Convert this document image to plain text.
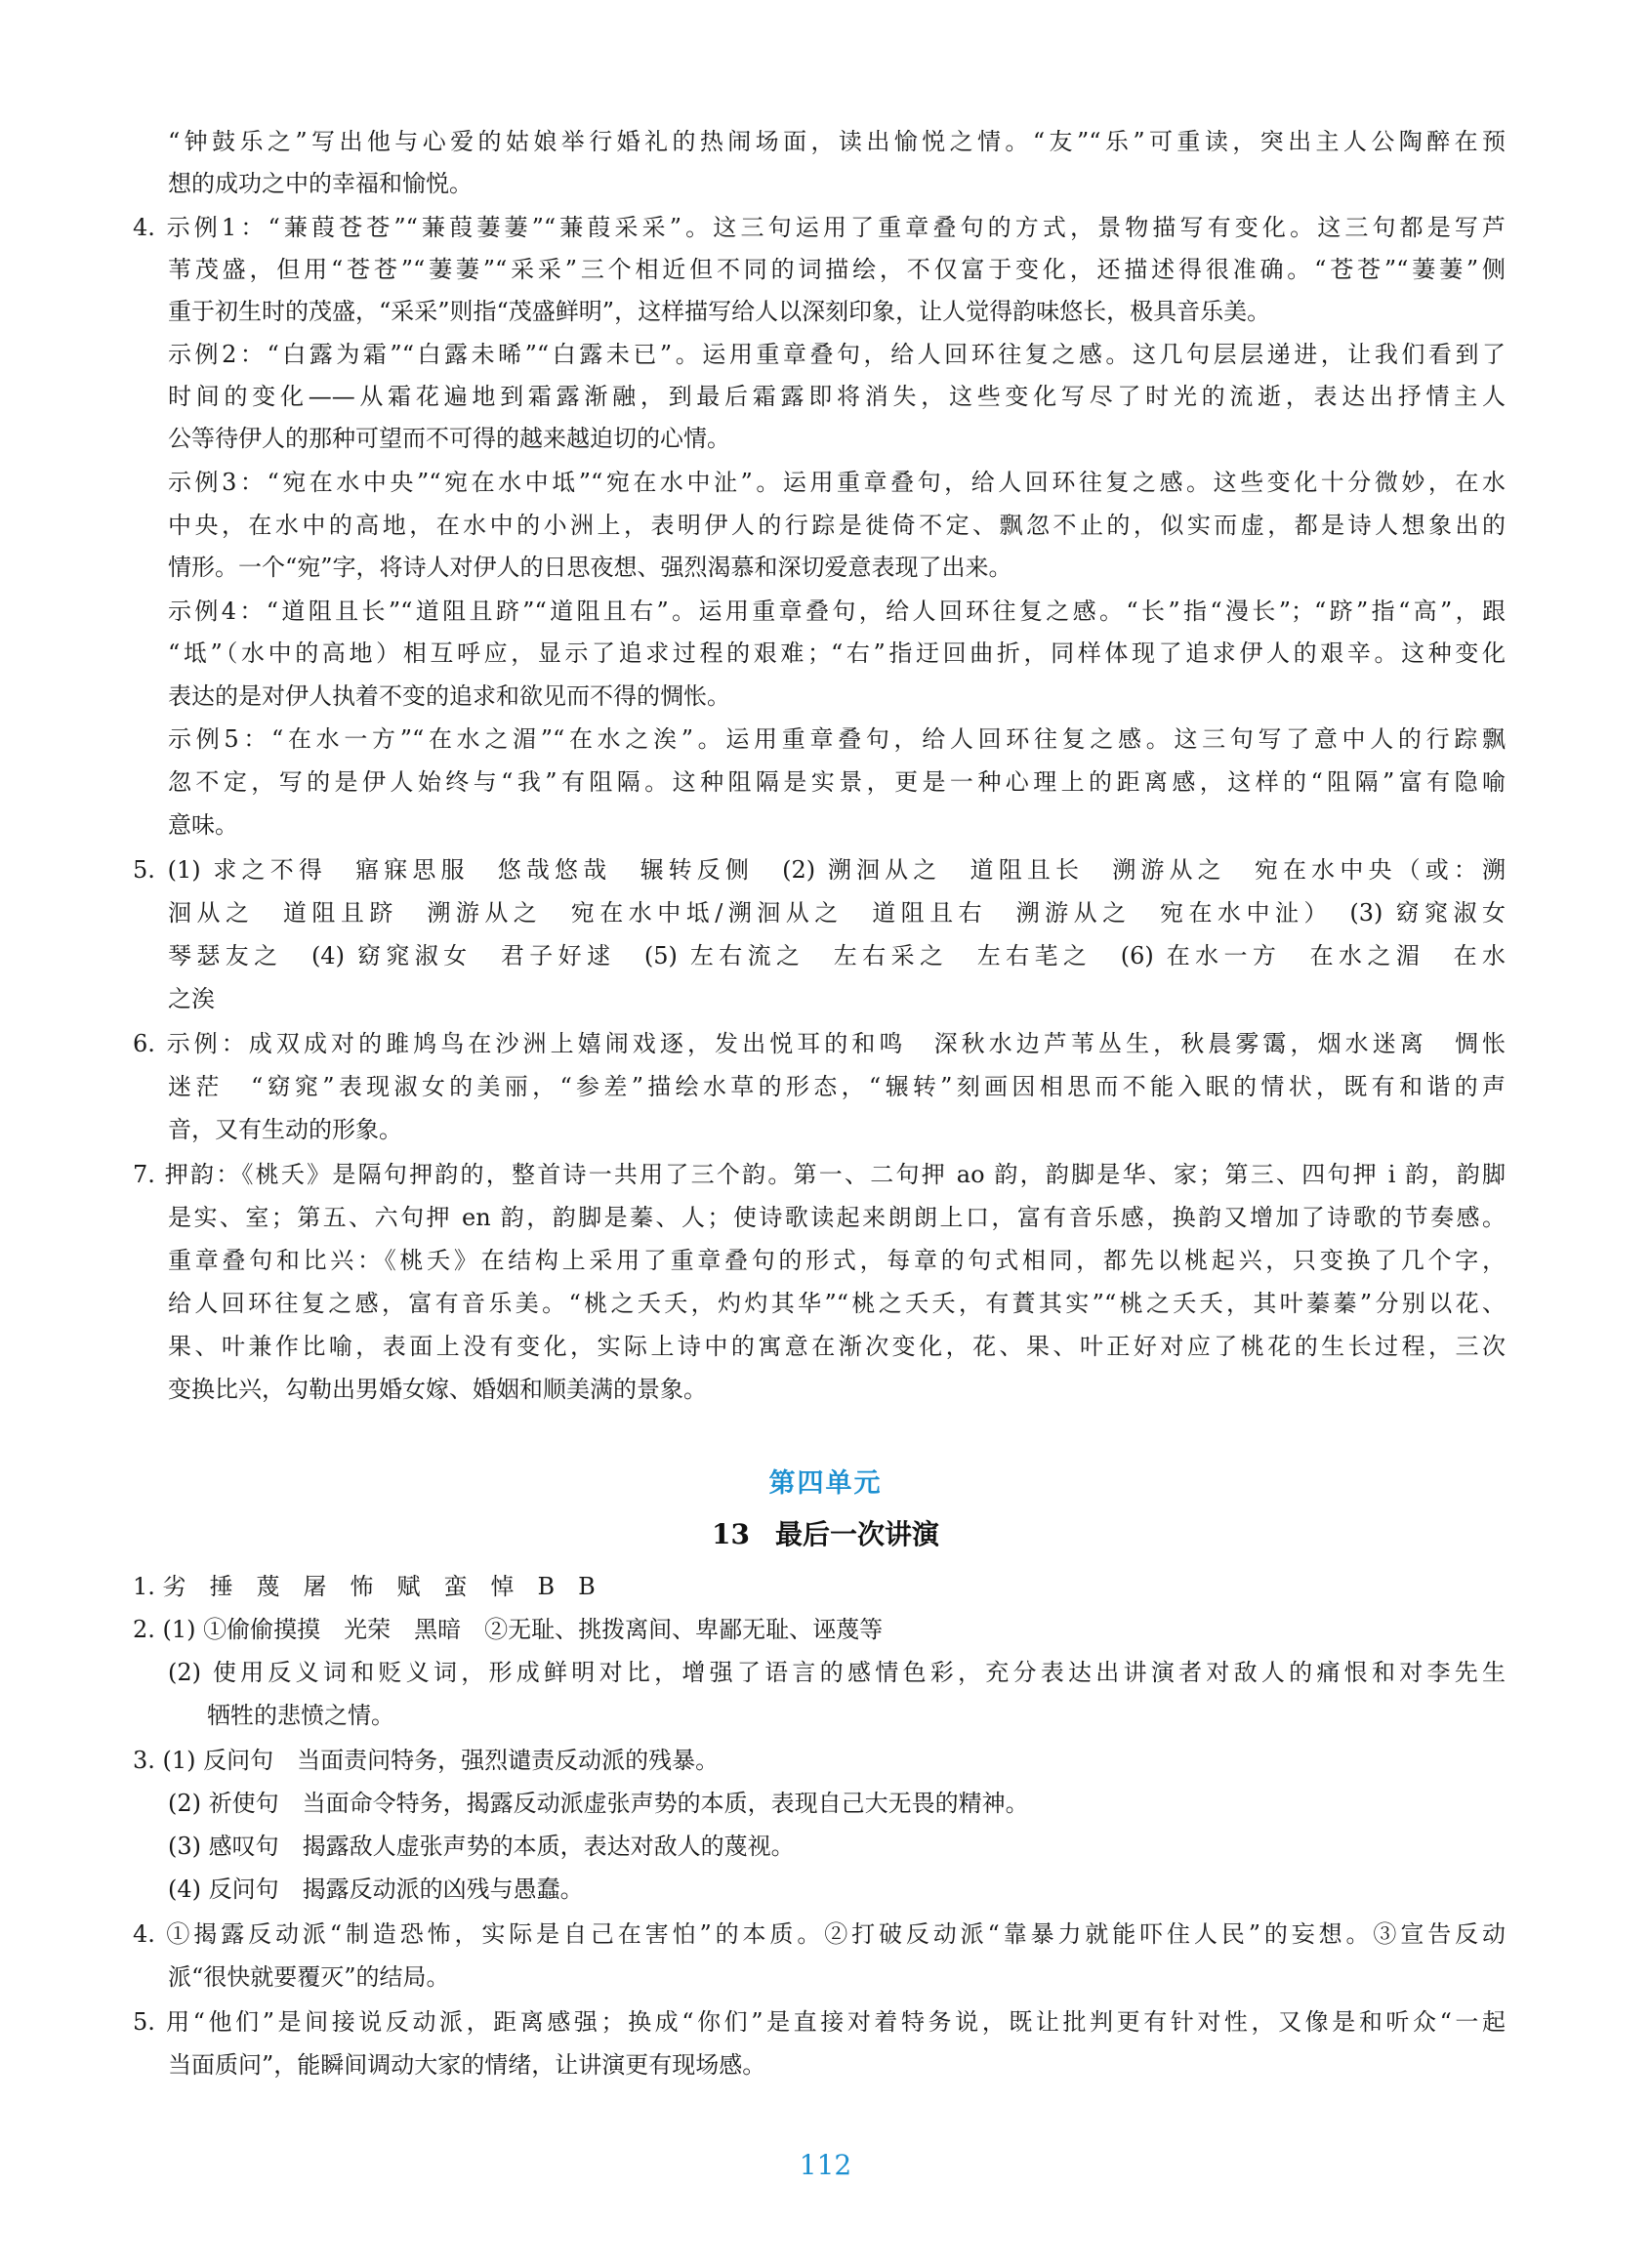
“钟鼓乐之”写出他与心爱的姑娘举行婚礼的热闹场面，读出愉悦之情。“友”“乐”可重读，突出主人公陶醉在预
想的成功之中的幸福和愉悦。
4. 示例1：“蒹葭苍苍”“蒹葭萋萋”“蒹葭采采”。这三句运用了重章叠句的方式，景物描写有变化。这三句都是写芦
苇茂盛，但用“苍苍”“萋萋”“采采”三个相近但不同的词描绘，不仅富于变化，还描述得很准确。“苍苍”“萋萋”侧
重于初生时的茂盛，“采采”则指“茂盛鲜明”，这样描写给人以深刻印象，让人觉得韵味悠长，极具音乐美。
示例2：“白露为霜”“白露未晞”“白露未已”。运用重章叠句，给人回环往复之感。这几句层层递进，让我们看到了
时间的变化——从霜花遍地到霜露渐融，到最后霜露即将消失，这些变化写尽了时光的流逝，表达出抒情主人
公等待伊人的那种可望而不可得的越来越迫切的心情。
示例3：“宛在水中央”“宛在水中坻”“宛在水中沚”。运用重章叠句，给人回环往复之感。这些变化十分微妙，在水
中央，在水中的高地，在水中的小洲上，表明伊人的行踪是徙倚不定、飘忽不止的，似实而虚，都是诗人想象出的
情形。一个“宛”字，将诗人对伊人的日思夜想、强烈渴慕和深切爱意表现了出来。
示例4：“道阻且长”“道阻且跻”“道阻且右”。运用重章叠句，给人回环往复之感。“长”指“漫长”；“跻”指“高”，跟
“坻”（水中的高地）相互呼应，显示了追求过程的艰难；“右”指迂回曲折，同样体现了追求伊人的艰辛。这种变化
表达的是对伊人执着不变的追求和欲见而不得的惆怅。
示例5：“在水一方”“在水之湄”“在水之涘”。运用重章叠句，给人回环往复之感。这三句写了意中人的行踪飘
忽不定，写的是伊人始终与“我”有阻隔。这种阻隔是实景，更是一种心理上的距离感，这样的“阻隔”富有隐喻
意味。
5. (1) 求之不得　寤寐思服　悠哉悠哉　辗转反侧　(2) 溯洄从之　道阻且长　溯游从之　宛在水中央（或：溯
洄从之　道阻且跻　溯游从之　宛在水中坻/溯洄从之　道阻且右　溯游从之　宛在水中沚）　(3) 窈窕淑女
琴瑟友之　(4) 窈窕淑女　君子好逑　(5) 左右流之　左右采之　左右芼之　(6) 在水一方　在水之湄　在水
之涘
6. 示例：成双成对的雎鸠鸟在沙洲上嬉闹戏逐，发出悦耳的和鸣　深秋水边芦苇丛生，秋晨雾霭，烟水迷离　惆怅
迷茫　“窈窕”表现淑女的美丽，“参差”描绘水草的形态，“辗转”刻画因相思而不能入眠的情状，既有和谐的声
音，又有生动的形象。
7. 押韵：《桃夭》是隔句押韵的，整首诗一共用了三个韵。第一、二句押 ao 韵，韵脚是华、家；第三、四句押 i 韵，韵脚
是实、室；第五、六句押 en 韵，韵脚是蓁、人；使诗歌读起来朗朗上口，富有音乐感，换韵又增加了诗歌的节奏感。
重章叠句和比兴：《桃夭》在结构上采用了重章叠句的形式，每章的句式相同，都先以桃起兴，只变换了几个字，
给人回环往复之感，富有音乐美。“桃之夭夭，灼灼其华”“桃之夭夭，有蕡其实”“桃之夭夭，其叶蓁蓁”分别以花、
果、叶兼作比喻，表面上没有变化，实际上诗中的寓意在渐次变化，花、果、叶正好对应了桃花的生长过程，三次
变换比兴，勾勒出男婚女嫁、婚姻和顺美满的景象。
第四单元
13 最后一次讲演
1. 劣　捶　蔑　屠　怖　赋　蛮　悼　B　B
2. (1) ①偷偷摸摸　光荣　黑暗　②无耻、挑拨离间、卑鄙无耻、诬蔑等
(2) 使用反义词和贬义词，形成鲜明对比，增强了语言的感情色彩，充分表达出讲演者对敌人的痛恨和对李先生
牺牲的悲愤之情。
3. (1) 反问句　当面责问特务，强烈谴责反动派的残暴。
(2) 祈使句　当面命令特务，揭露反动派虚张声势的本质，表现自己大无畏的精神。
(3) 感叹句　揭露敌人虚张声势的本质，表达对敌人的蔑视。
(4) 反问句　揭露反动派的凶残与愚蠢。
4. ①揭露反动派“制造恐怖，实际是自己在害怕”的本质。②打破反动派“靠暴力就能吓住人民”的妄想。③宣告反动
派“很快就要覆灭”的结局。
5. 用“他们”是间接说反动派，距离感强；换成“你们”是直接对着特务说，既让批判更有针对性，又像是和听众“一起
当面质问”，能瞬间调动大家的情绪，让讲演更有现场感。
112
